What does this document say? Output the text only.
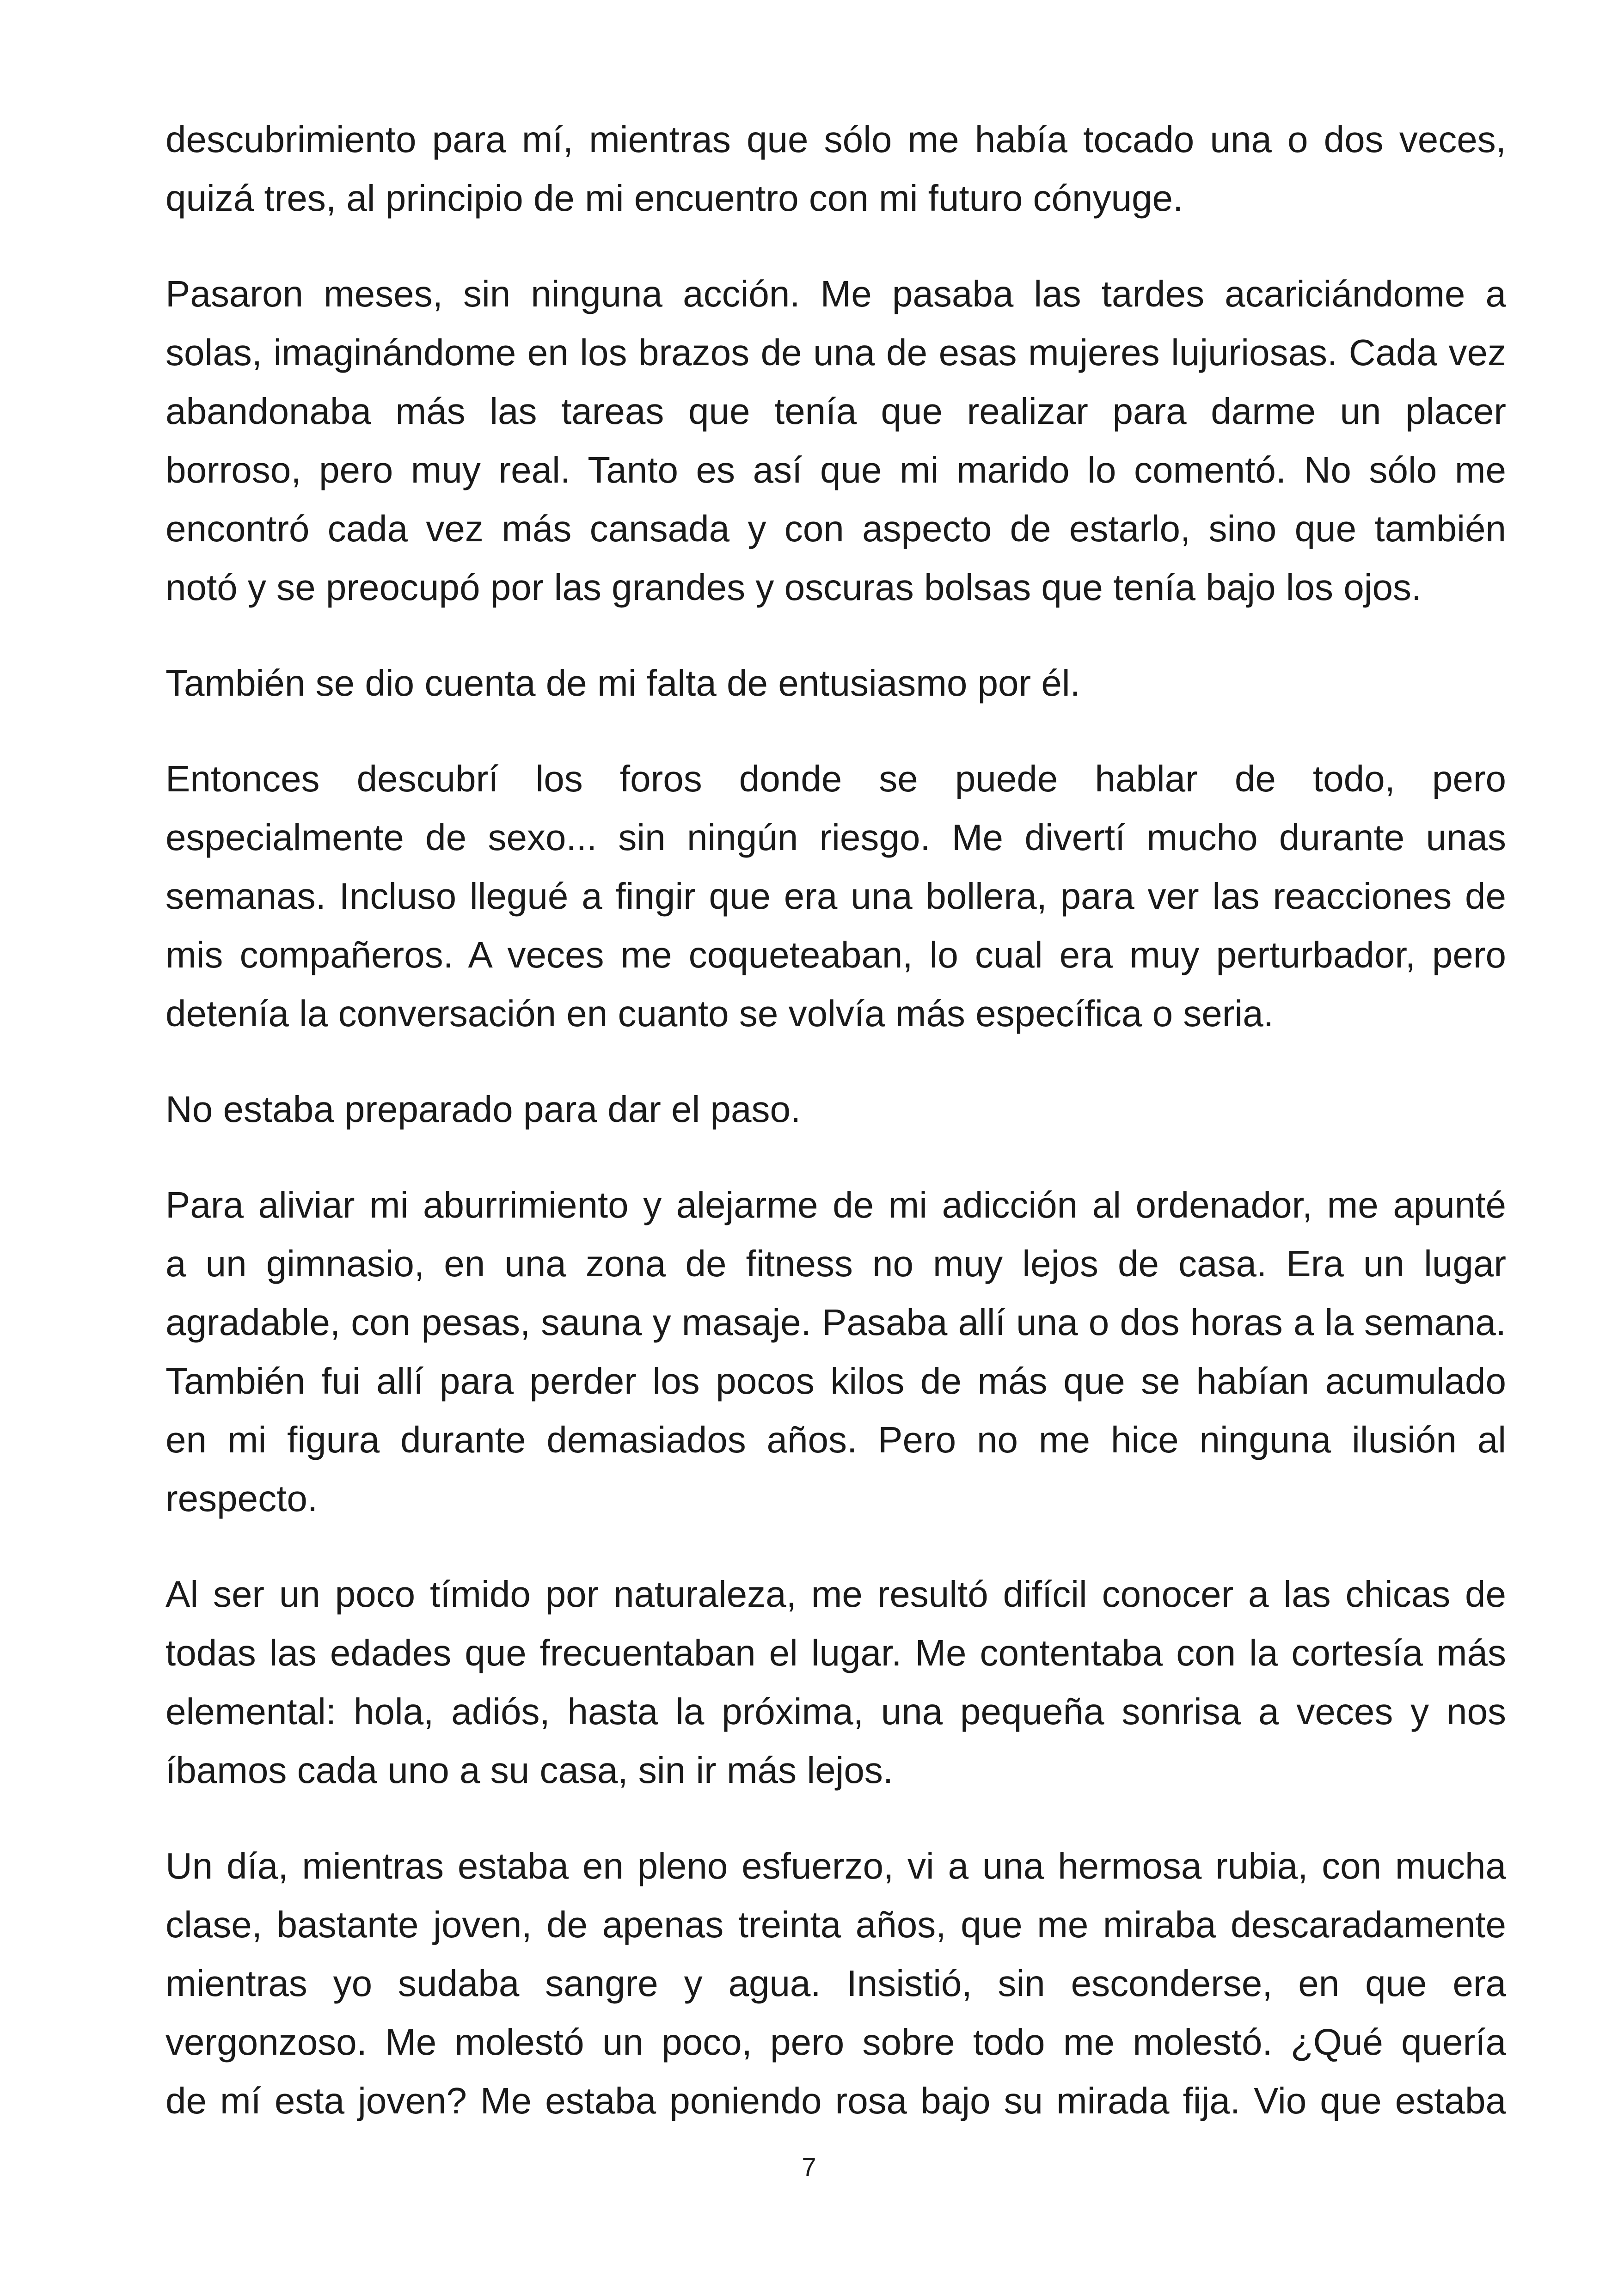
descubrimiento para mí, mientras que sólo me había tocado una o dos veces,
quizá tres, al principio de mi encuentro con mi futuro cónyuge.
Pasaron meses, sin ninguna acción. Me pasaba las tardes acariciándome a
solas, imaginándome en los brazos de una de esas mujeres lujuriosas. Cada vez
abandonaba más las tareas que tenía que realizar para darme un placer
borroso, pero muy real. Tanto es así que mi marido lo comentó. No sólo me
encontró cada vez más cansada y con aspecto de estarlo, sino que también
notó y se preocupó por las grandes y oscuras bolsas que tenía bajo los ojos.
También se dio cuenta de mi falta de entusiasmo por él.
Entonces descubrí los foros donde se puede hablar de todo, pero
especialmente de sexo... sin ningún riesgo. Me divertí mucho durante unas
semanas. Incluso llegué a fingir que era una bollera, para ver las reacciones de
mis compañeros. A veces me coqueteaban, lo cual era muy perturbador, pero
detenía la conversación en cuanto se volvía más específica o seria.
No estaba preparado para dar el paso.
Para aliviar mi aburrimiento y alejarme de mi adicción al ordenador, me apunté
a un gimnasio, en una zona de fitness no muy lejos de casa. Era un lugar
agradable, con pesas, sauna y masaje. Pasaba allí una o dos horas a la semana.
También fui allí para perder los pocos kilos de más que se habían acumulado
en mi figura durante demasiados años. Pero no me hice ninguna ilusión al
respecto.
Al ser un poco tímido por naturaleza, me resultó difícil conocer a las chicas de
todas las edades que frecuentaban el lugar. Me contentaba con la cortesía más
elemental: hola, adiós, hasta la próxima, una pequeña sonrisa a veces y nos
íbamos cada uno a su casa, sin ir más lejos.
Un día, mientras estaba en pleno esfuerzo, vi a una hermosa rubia, con mucha
clase, bastante joven, de apenas treinta años, que me miraba descaradamente
mientras yo sudaba sangre y agua. Insistió, sin esconderse, en que era
vergonzoso. Me molestó un poco, pero sobre todo me molestó. ¿Qué quería
de mí esta joven? Me estaba poniendo rosa bajo su mirada fija. Vio que estaba
7
